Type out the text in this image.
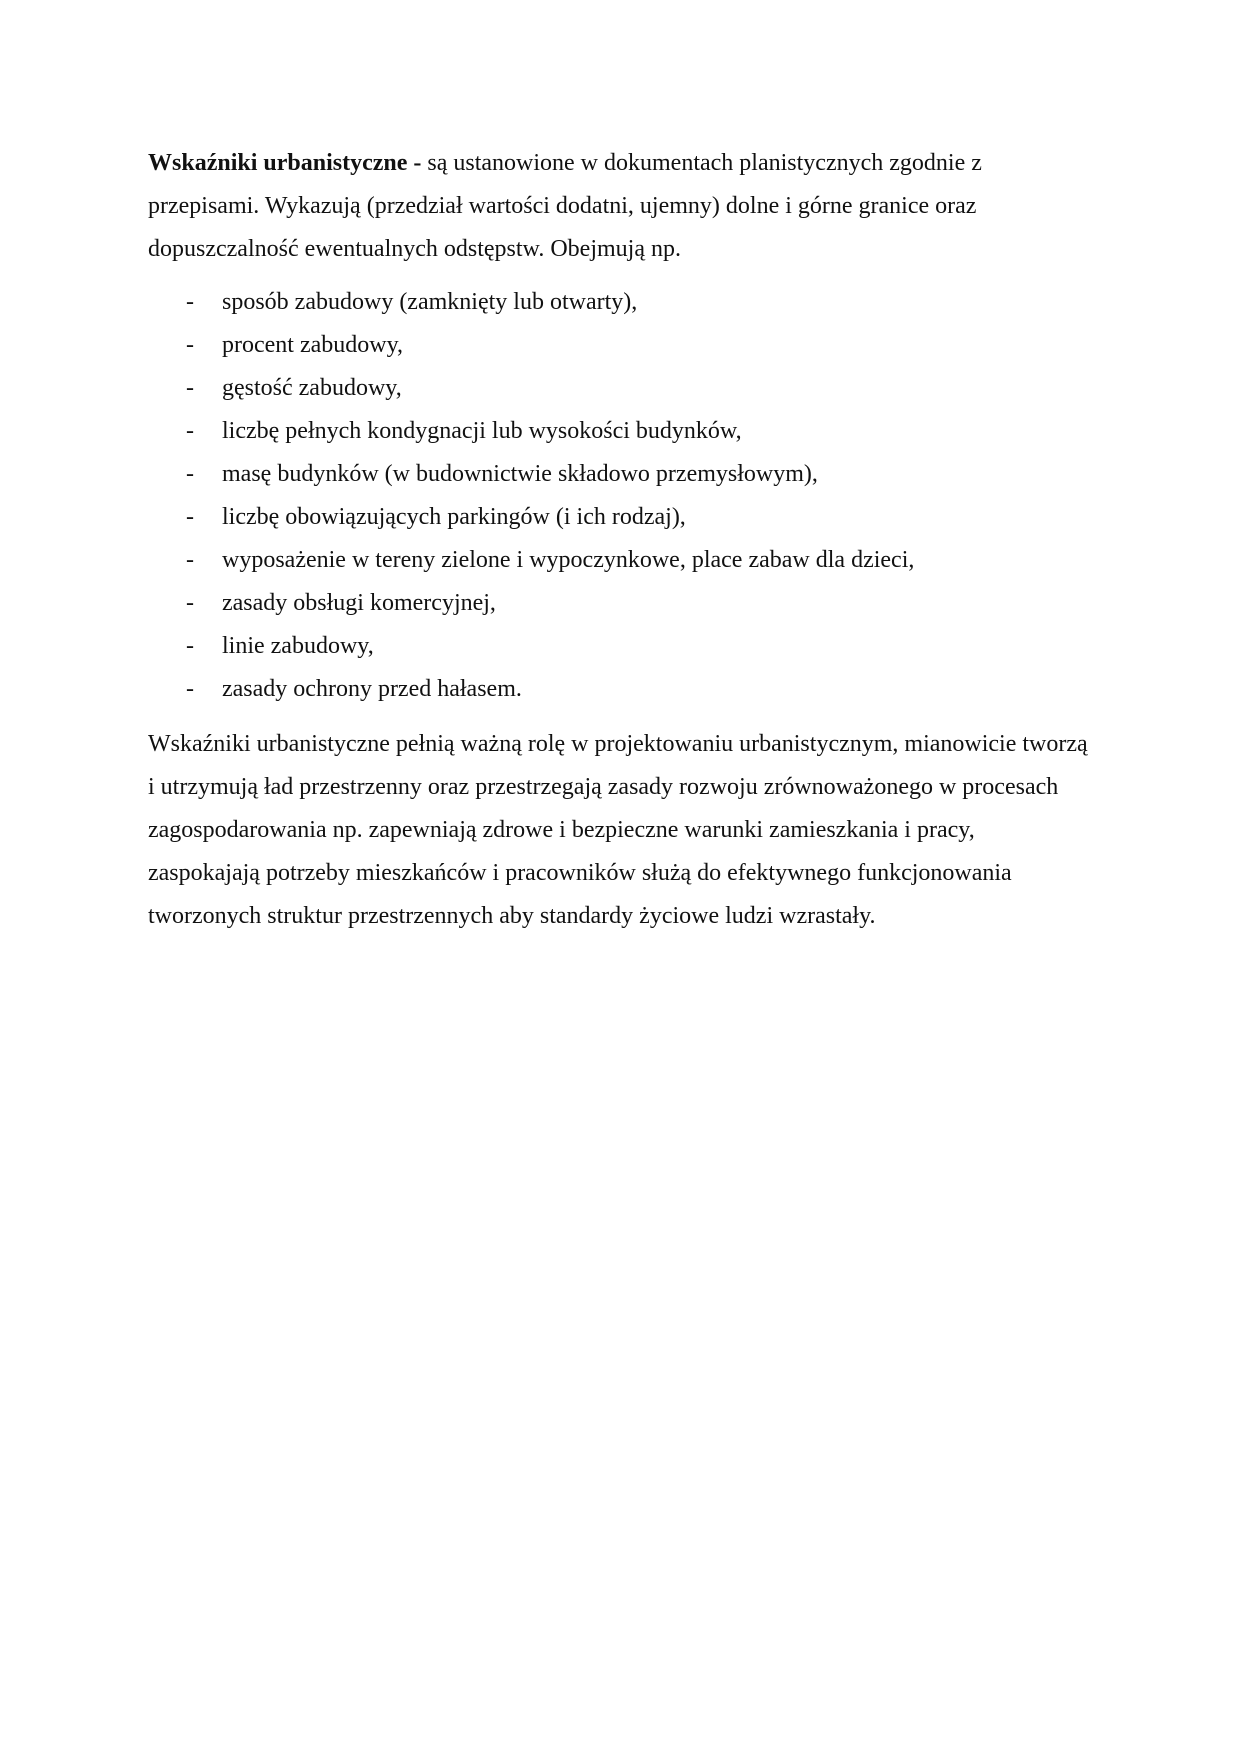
Wskaźniki urbanistyczne - są ustanowione w dokumentach planistycznych zgodnie z przepisami. Wykazują (przedział wartości dodatni, ujemny) dolne i górne granice oraz dopuszczalność ewentualnych odstępstw. Obejmują np.

- sposób zabudowy (zamknięty lub otwarty),
- procent zabudowy,
- gęstość zabudowy,
- liczbę pełnych kondygnacji lub wysokości budynków,
- masę budynków (w budownictwie składowo przemysłowym),
- liczbę obowiązujących parkingów (i ich rodzaj),
- wyposażenie w tereny zielone i wypoczynkowe, place zabaw dla dzieci,
- zasady obsługi komercyjnej,
- linie zabudowy,
- zasady ochrony przed hałasem.

Wskaźniki urbanistyczne pełnią ważną rolę w projektowaniu urbanistycznym, mianowicie tworzą i utrzymują ład przestrzenny oraz przestrzegają zasady rozwoju zrównoważonego w procesach zagospodarowania np. zapewniają zdrowe i bezpieczne warunki zamieszkania i pracy, zaspokajają potrzeby mieszkańców i pracowników służą do efektywnego funkcjonowania tworzonych struktur przestrzennych aby standardy życiowe ludzi wzrastały.
